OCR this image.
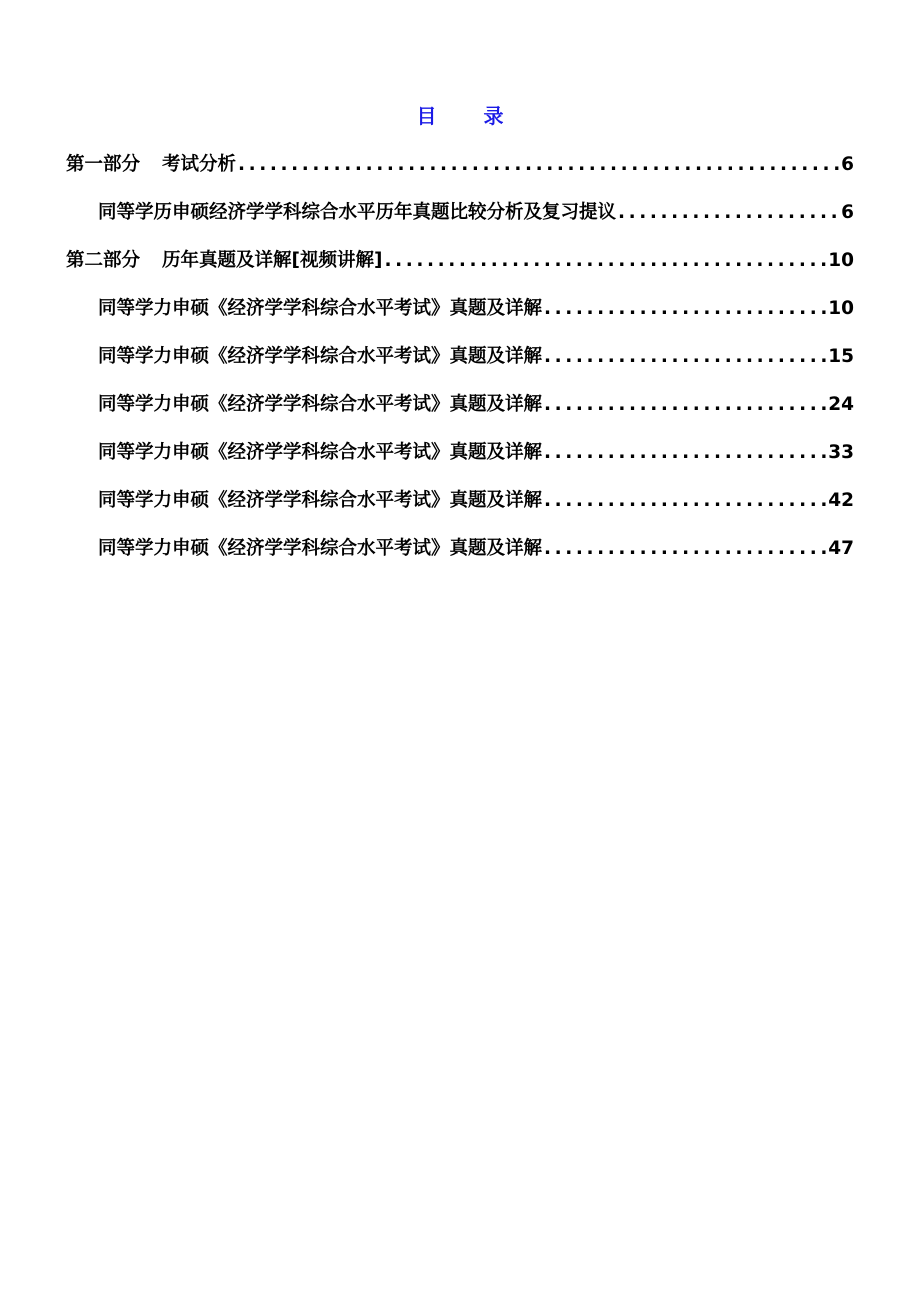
目 录
第一部分 考试分析 .....	6
同等学历申硕经济学学科综合水平历年真题比较分析及复习提议 .....	6
第二部分 历年真题及详解[视频讲解] .....	10
同等学力申硕《经济学学科综合水平考试》真题及详解 .....	10
同等学力申硕《经济学学科综合水平考试》真题及详解 .....	15
同等学力申硕《经济学学科综合水平考试》真题及详解 .....	24
同等学力申硕《经济学学科综合水平考试》真题及详解 .....	33
同等学力申硕《经济学学科综合水平考试》真题及详解 .....	42
同等学力申硕《经济学学科综合水平考试》真题及详解 .....	47
